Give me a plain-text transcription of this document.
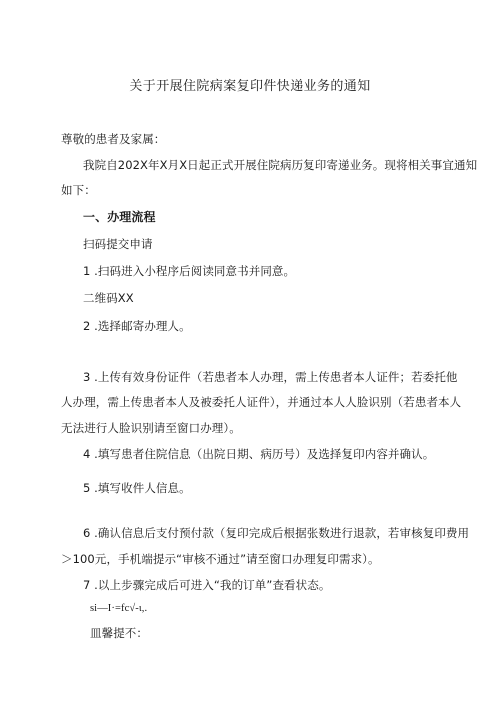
关于开展住院病案复印件快递业务的通知
尊敬的患者及家属：
我院自202X年X月X日起正式开展住院病历复印寄递业务。现将相关事宜通知
如下：
一、办理流程
扫码提交申请
1 .扫码进入小程序后阅读同意书并同意。
二维码XX
2 .选择邮寄办理人。
3 .上传有效身份证件（若患者本人办理，需上传患者本人证件；若委托他
人办理，需上传患者本人及被委托人证件），并通过本人人脸识别（若患者本人
无法进行人脸识别请至窗口办理）。
4 .填写患者住院信息（出院日期、病历号）及选择复印内容并确认。
5 .填写收件人信息。
6 .确认信息后支付预付款（复印完成后根据张数进行退款，若审核复印费用
＞100元，手机端提示“审核不通过”请至窗口办理复印需求）。
7 .以上步骤完成后可进入“我的订单”查看状态。
si—I·=fc√-ι,.
皿馨提不：
